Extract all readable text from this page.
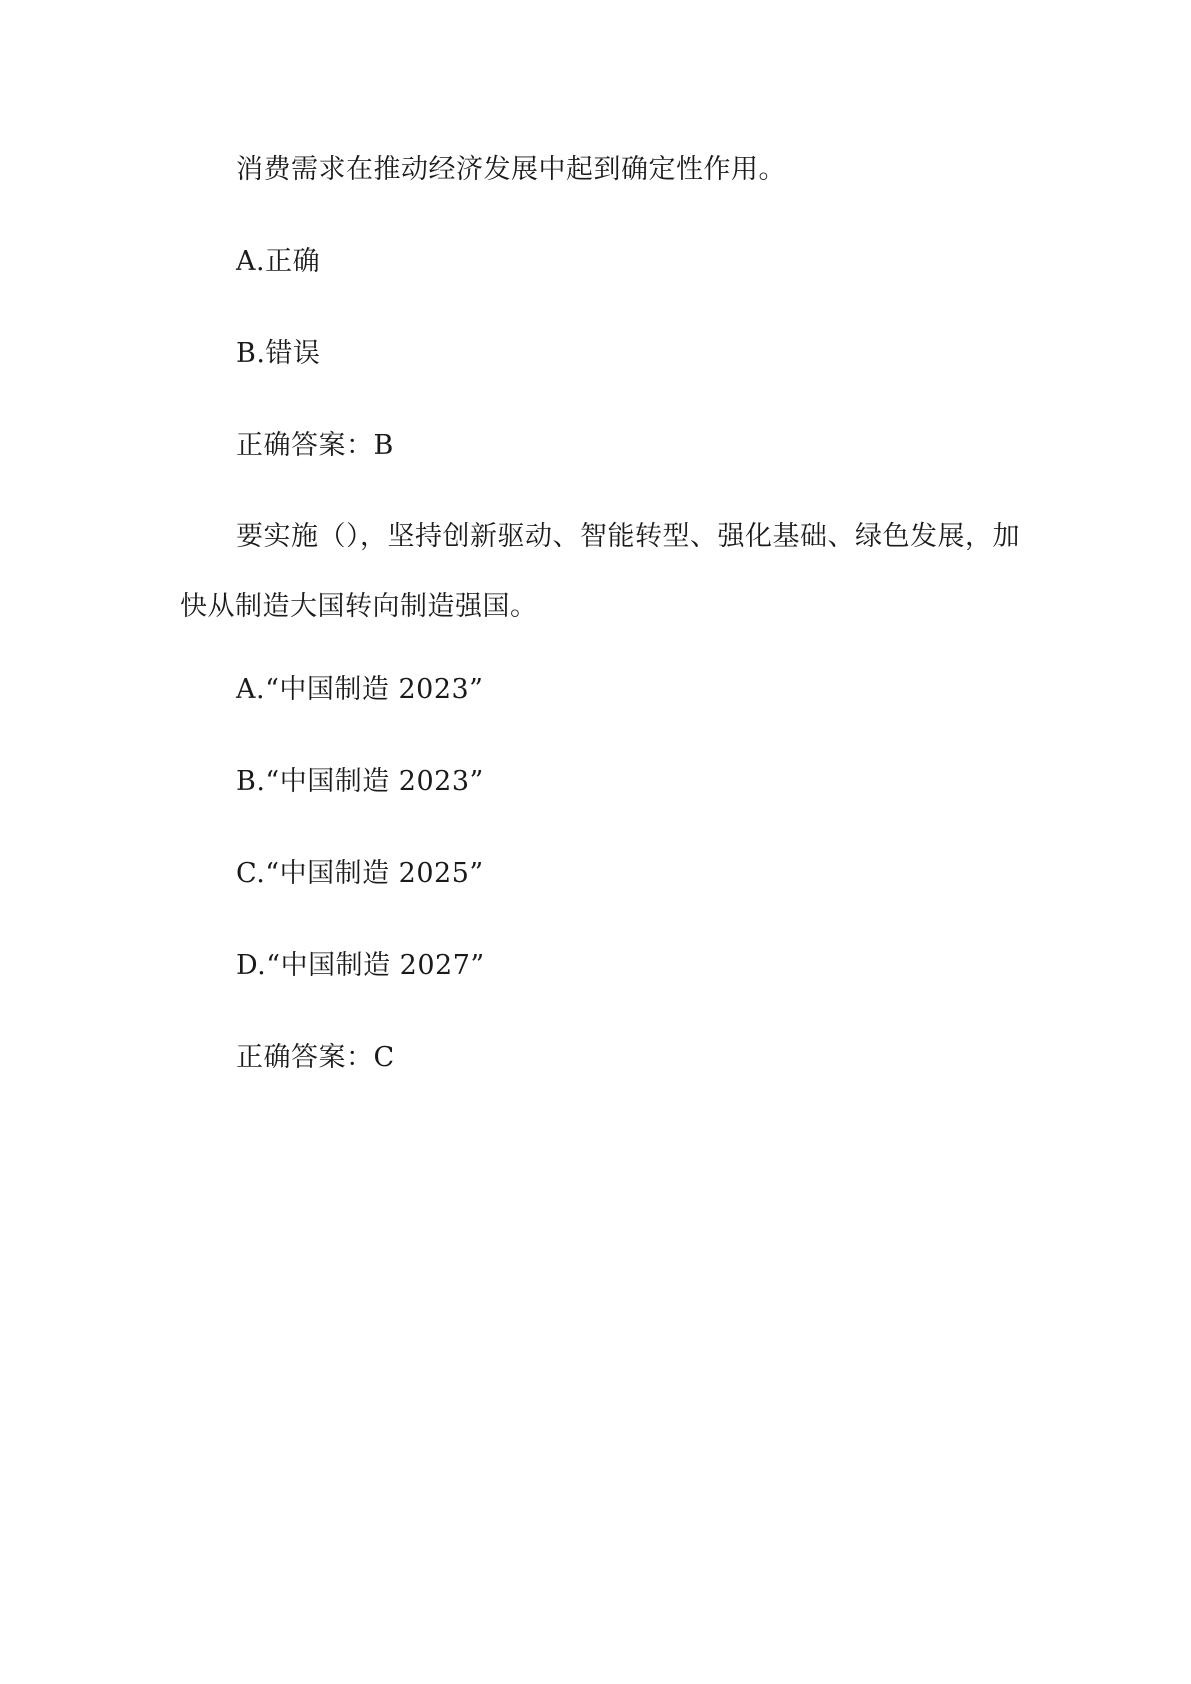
消费需求在推动经济发展中起到确定性作用。
A.正确
B.错误
正确答案：B
要实施（），坚持创新驱动、智能转型、强化基础、绿色发展，加快从制造大国转向制造强国。
A.“中国制造 2023”
B.“中国制造 2023”
C.“中国制造 2025”
D.“中国制造 2027”
正确答案：C
